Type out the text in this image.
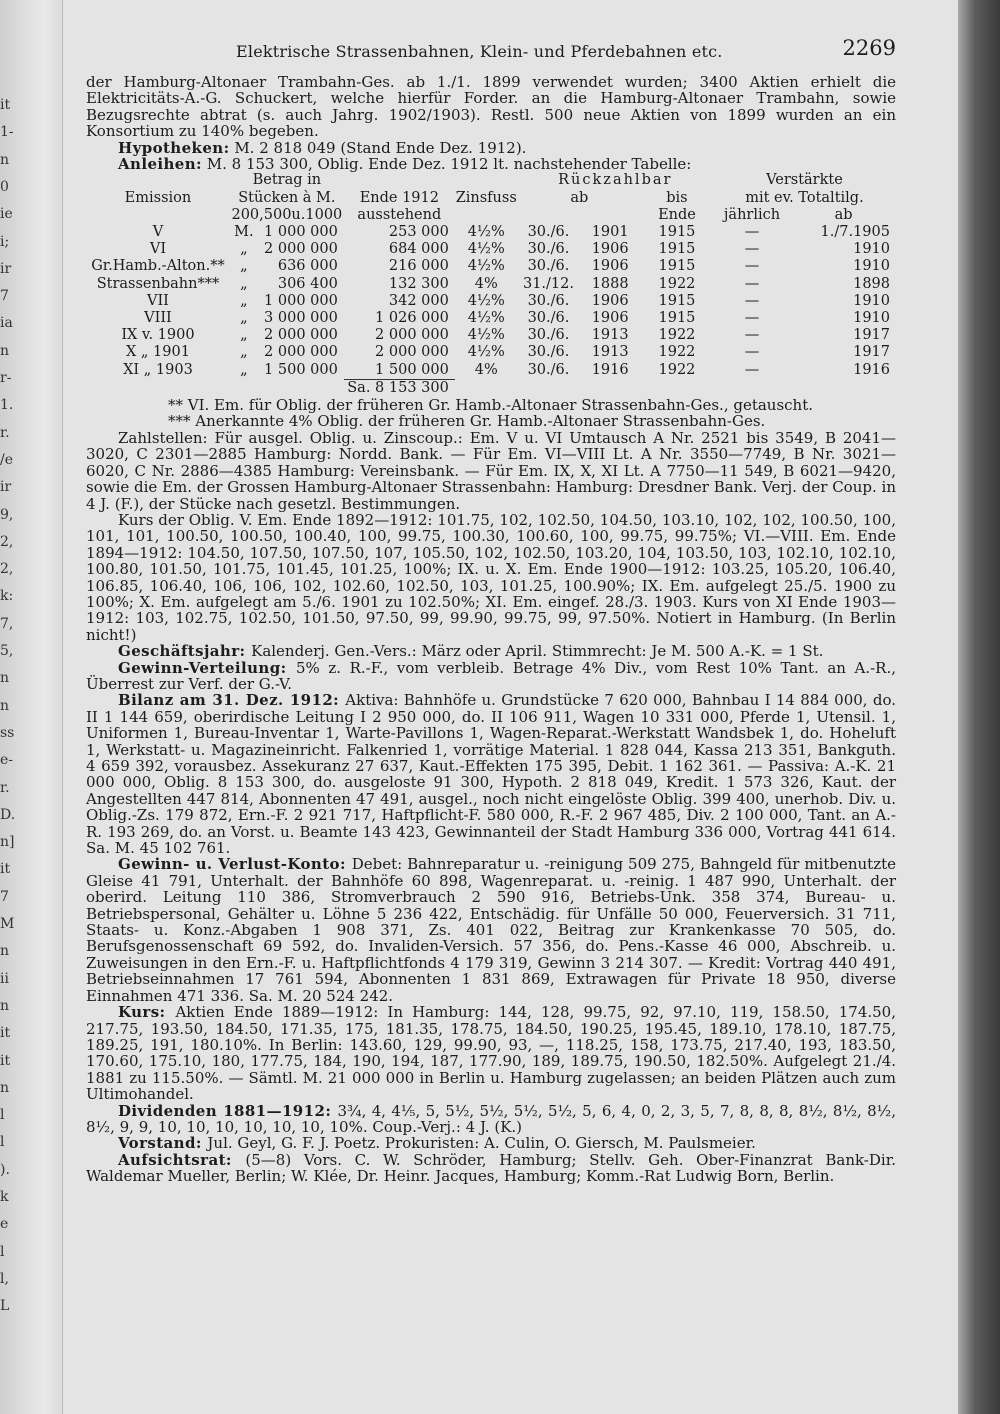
it
1-
n
0
ie
i;
ir
7
ia
n
r-
1.
r.
/e
ir
9,
2,
2,
k:
7,
5,
n
n
ss
e-
r.
D.
n]
it
7
M
n
ii
n
it
it
n
l
l
).
k
e
l
l,
L
Elektrische Strassenbahnen, Klein- und Pferdebahnen etc.	2269

der Hamburg-Altonaer Trambahn-Ges. ab 1./1. 1899 verwendet wurden; 3400 Aktien erhielt die Elektricitäts-A.-G. Schuckert, welche hierfür Forder. an die Hamburg-Altonaer Trambahn, sowie Bezugsrechte abtrat (s. auch Jahrg. 1902/1903). Restl. 500 neue Aktien von 1899 wurden an ein Konsortium zu 140% begeben.

Hypotheken: M. 2 818 049 (Stand Ende Dez. 1912).

Anleihen: M. 8 153 300, Oblig. Ende Dez. 1912 lt. nachstehender Tabelle:

	Betrag in				Rückzahlbar			Verstärkte	
Emission	Stücken à M.		Ende 1912	Zinsfuss	ab		bis	mit ev. Totaltilg.	
	200,500u.1000		ausstehend				Ende	jährlich	ab
V	M.	1 000 000	253 000	4½%	30./6.	1901	1915	—	1./7.1905
VI	„	2 000 000	684 000	4½%	30./6.	1906	1915	—	1910
Gr.Hamb.-Alton.**	„	636 000	216 000	4½%	30./6.	1906	1915	—	1910
Strassenbahn***	„	306 400	132 300	4%	31./12.	1888	1922	—	1898
VII	„	1 000 000	342 000	4½%	30./6.	1906	1915	—	1910
VIII	„	3 000 000	1 026 000	4½%	30./6.	1906	1915	—	1910
IX v. 1900	„	2 000 000	2 000 000	4½%	30./6.	1913	1922	—	1917
X „ 1901	„	2 000 000	2 000 000	4½%	30./6.	1913	1922	—	1917
XI „ 1903	„	1 500 000	1 500 000	4%	30./6.	1916	1922	—	1916
			Sa. 8 153 300						

** VI. Em. für Oblig. der früheren Gr. Hamb.-Altonaer Strassenbahn-Ges., getauscht.

*** Anerkannte 4% Oblig. der früheren Gr. Hamb.-Altonaer Strassenbahn-Ges.

Zahlstellen: Für ausgel. Oblig. u. Zinscoup.: Em. V u. VI Umtausch A Nr. 2521 bis 3549, B 2041—3020, C 2301—2885 Hamburg: Nordd. Bank. — Für Em. VI—VIII Lt. A Nr. 3550—7749, B Nr. 3021—6020, C Nr. 2886—4385 Hamburg: Vereinsbank. — Für Em. IX, X, XI Lt. A 7750—11 549, B 6021—9420, sowie die Em. der Grossen Hamburg-Altonaer Strassenbahn: Hamburg: Dresdner Bank. Verj. der Coup. in 4 J. (F.), der Stücke nach gesetzl. Bestimmungen.

Kurs der Oblig. V. Em. Ende 1892—1912: 101.75, 102, 102.50, 104.50, 103.10, 102, 102, 100.50, 100, 101, 101, 100.50, 100.50, 100.40, 100, 99.75, 100.30, 100.60, 100, 99.75, 99.75%; VI.—VIII. Em. Ende 1894—1912: 104.50, 107.50, 107.50, 107, 105.50, 102, 102.50, 103.20, 104, 103.50, 103, 102.10, 102.10, 100.80, 101.50, 101.75, 101.45, 101.25, 100%; IX. u. X. Em. Ende 1900—1912: 103.25, 105.20, 106.40, 106.85, 106.40, 106, 106, 102, 102.60, 102.50, 103, 101.25, 100.90%; IX. Em. aufgelegt 25./5. 1900 zu 100%; X. Em. aufgelegt am 5./6. 1901 zu 102.50%; XI. Em. eingef. 28./3. 1903. Kurs von XI Ende 1903—1912: 103, 102.75, 102.50, 101.50, 97.50, 99, 99.90, 99.75, 99, 97.50%. Notiert in Hamburg. (In Berlin nicht!)

Geschäftsjahr: Kalenderj. Gen.-Vers.: März oder April. Stimmrecht: Je M. 500 A.-K. = 1 St.

Gewinn-Verteilung: 5% z. R.-F., vom verbleib. Betrage 4% Div., vom Rest 10% Tant. an A.-R., Überrest zur Verf. der G.-V.

Bilanz am 31. Dez. 1912: Aktiva: Bahnhöfe u. Grundstücke 7 620 000, Bahnbau I 14 884 000, do. II 1 144 659, oberirdische Leitung I 2 950 000, do. II 106 911, Wagen 10 331 000, Pferde 1, Utensil. 1, Uniformen 1, Bureau-Inventar 1, Warte-Pavillons 1, Wagen-Reparat.-Werkstatt Wandsbek 1, do. Hoheluft 1, Werkstatt- u. Magazineinricht. Falkenried 1, vorrätige Material. 1 828 044, Kassa 213 351, Bankguth. 4 659 392, vorausbez. Assekuranz 27 637, Kaut.-Effekten 175 395, Debit. 1 162 361. — Passiva: A.-K. 21 000 000, Oblig. 8 153 300, do. ausgeloste 91 300, Hypoth. 2 818 049, Kredit. 1 573 326, Kaut. der Angestellten 447 814, Abonnenten 47 491, ausgel., noch nicht eingelöste Oblig. 399 400, unerhob. Div. u. Oblig.-Zs. 179 872, Ern.-F. 2 921 717, Haftpflicht-F. 580 000, R.-F. 2 967 485, Div. 2 100 000, Tant. an A.-R. 193 269, do. an Vorst. u. Beamte 143 423, Gewinnanteil der Stadt Hamburg 336 000, Vortrag 441 614. Sa. M. 45 102 761.

Gewinn- u. Verlust-Konto: Debet: Bahnreparatur u. -reinigung 509 275, Bahngeld für mitbenutzte Gleise 41 791, Unterhalt. der Bahnhöfe 60 898, Wagenreparat. u. -reinig. 1 487 990, Unterhalt. der oberird. Leitung 110 386, Stromverbrauch 2 590 916, Betriebs-Unk. 358 374, Bureau- u. Betriebspersonal, Gehälter u. Löhne 5 236 422, Entschädig. für Unfälle 50 000, Feuerversich. 31 711, Staats- u. Konz.-Abgaben 1 908 371, Zs. 401 022, Beitrag zur Krankenkasse 70 505, do. Berufsgenossenschaft 69 592, do. Invaliden-Versich. 57 356, do. Pens.-Kasse 46 000, Abschreib. u. Zuweisungen in den Ern.-F. u. Haftpflichtfonds 4 179 319, Gewinn 3 214 307. — Kredit: Vortrag 440 491, Betriebseinnahmen 17 761 594, Abonnenten 1 831 869, Extrawagen für Private 18 950, diverse Einnahmen 471 336. Sa. M. 20 524 242.

Kurs: Aktien Ende 1889—1912: In Hamburg: 144, 128, 99.75, 92, 97.10, 119, 158.50, 174.50, 217.75, 193.50, 184.50, 171.35, 175, 181.35, 178.75, 184.50, 190.25, 195.45, 189.10, 178.10, 187.75, 189.25, 191, 180.10%. In Berlin: 143.60, 129, 99.90, 93, —, 118.25, 158, 173.75, 217.40, 193, 183.50, 170.60, 175.10, 180, 177.75, 184, 190, 194, 187, 177.90, 189, 189.75, 190.50, 182.50%. Aufgelegt 21./4. 1881 zu 115.50%. — Sämtl. M. 21 000 000 in Berlin u. Hamburg zugelassen; an beiden Plätzen auch zum Ultimohandel.

Dividenden 1881—1912: 3¾, 4, 4⅕, 5, 5½, 5½, 5½, 5½, 5, 6, 4, 0, 2, 3, 5, 7, 8, 8, 8, 8½, 8½, 8½, 8½, 9, 9, 10, 10, 10, 10, 10, 10, 10%. Coup.-Verj.: 4 J. (K.)

Vorstand: Jul. Geyl, G. F. J. Poetz. Prokuristen: A. Culin, O. Giersch, M. Paulsmeier.

Aufsichtsrat: (5—8) Vors. C. W. Schröder, Hamburg; Stellv. Geh. Ober-Finanzrat Bank-Dir. Waldemar Mueller, Berlin; W. Klée, Dr. Heinr. Jacques, Hamburg; Komm.-Rat Ludwig Born, Berlin.
